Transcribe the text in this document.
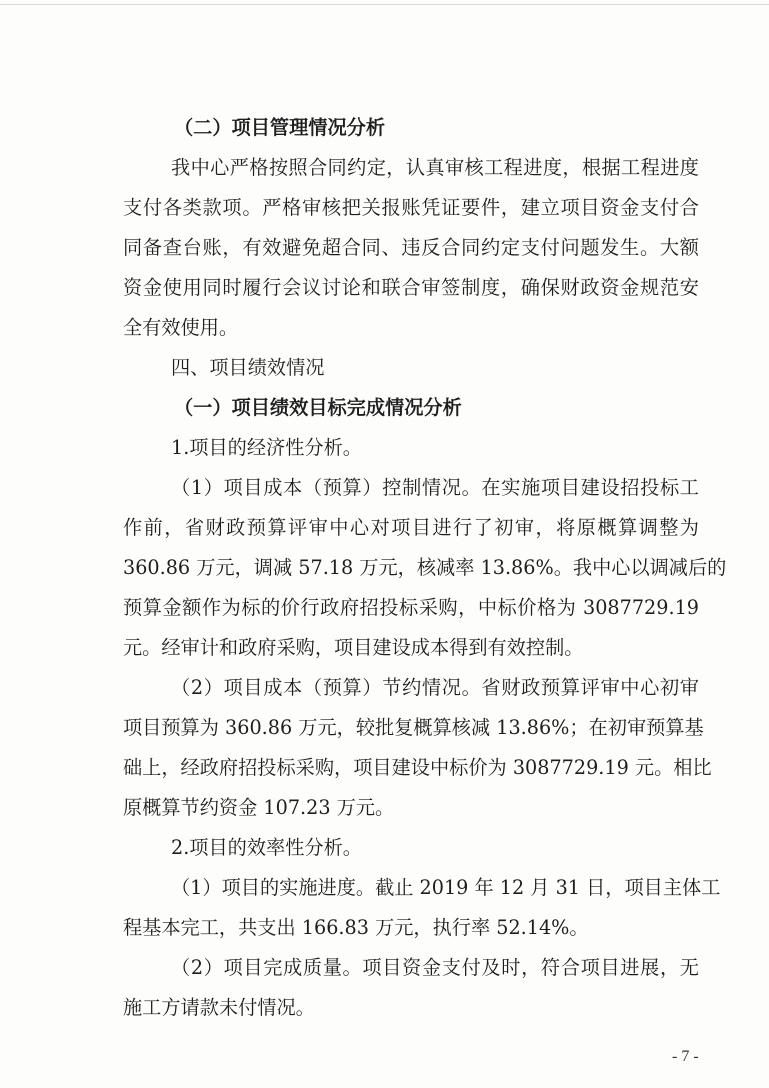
（二）项目管理情况分析
我中心严格按照合同约定，认真审核工程进度，根据工程进度
支付各类款项。严格审核把关报账凭证要件，建立项目资金支付合
同备查台账，有效避免超合同、违反合同约定支付问题发生。大额
资金使用同时履行会议讨论和联合审签制度，确保财政资金规范安
全有效使用。
四、项目绩效情况
（一）项目绩效目标完成情况分析
1.项目的经济性分析。
（1）项目成本（预算）控制情况。在实施项目建设招投标工
作前，省财政预算评审中心对项目进行了初审，将原概算调整为
360.86 万元，调减 57.18 万元，核减率 13.86%。我中心以调减后的
预算金额作为标的价行政府招投标采购，中标价格为 3087729.19
元。经审计和政府采购，项目建设成本得到有效控制。
（2）项目成本（预算）节约情况。省财政预算评审中心初审
项目预算为 360.86 万元，较批复概算核减 13.86%；在初审预算基
础上，经政府招投标采购，项目建设中标价为 3087729.19 元。相比
原概算节约资金 107.23 万元。
2.项目的效率性分析。
（1）项目的实施进度。截止 2019 年 12 月 31 日，项目主体工
程基本完工，共支出 166.83 万元，执行率 52.14%。
（2）项目完成质量。项目资金支付及时，符合项目进展，无
施工方请款未付情况。
- 7 -
